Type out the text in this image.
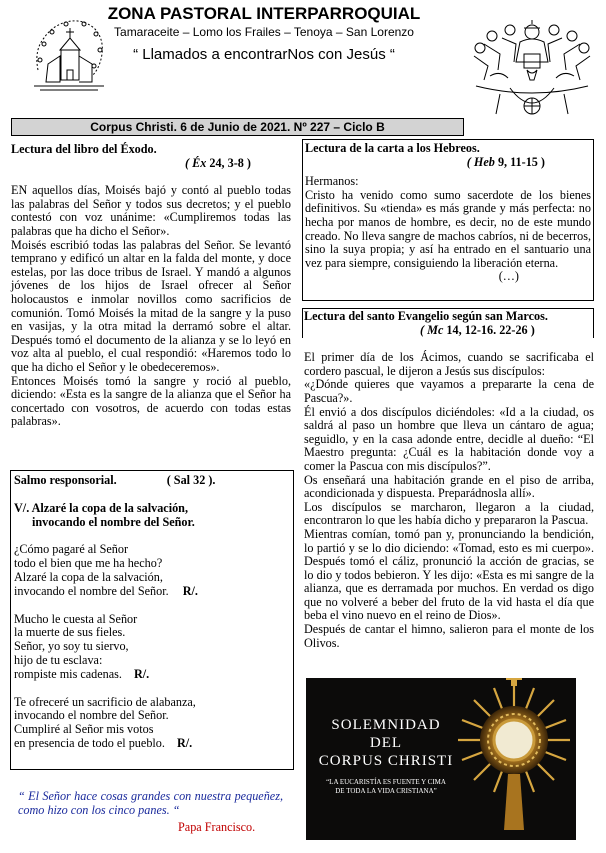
ZONA PASTORAL INTERPARROQUIAL
Tamaraceite – Lomo los Frailes – Tenoya – San Lorenzo
“ Llamados a encontrarNos con Jesús “
Corpus Christi. 6 de Junio de 2021. Nº 227 – Ciclo B
Lectura del libro del Éxodo.
( Éx 24, 3-8 )

EN aquellos días, Moisés bajó y contó al pueblo todas las palabras del Señor y todos sus decretos; y el pueblo contestó con voz unánime: «Cumpliremos todas las palabras que ha dicho el Señor».

Moisés escribió todas las palabras del Señor. Se levantó temprano y edificó un altar en la falda del monte, y doce estelas, por las doce tribus de Israel. Y mandó a algunos jóvenes de los hijos de Israel ofrecer al Señor holocaustos e inmolar novillos como sacrificios de comunión. Tomó Moisés la mitad de la sangre y la puso en vasijas, y la otra mitad la derramó sobre el altar. Después tomó el documento de la alianza y se lo leyó en voz alta al pueblo, el cual respondió: «Haremos todo lo que ha dicho el Señor y le obedeceremos».

Entonces Moisés tomó la sangre y roció al pueblo, diciendo: «Esta es la sangre de la alianza que el Señor ha concertado con vosotros, de acuerdo con todas estas palabras».

Salmo responsorial.	( Sal 32 ).
V/. Alzaré la copa de la salvación,
invocando el nombre del Señor.
¿Cómo pagaré al Señor
todo el bien que me ha hecho?
Alzaré la copa de la salvación,
invocando el nombre del Señor. R/.
Mucho le cuesta al Señor
la muerte de sus fieles.
Señor, yo soy tu siervo,
hijo de tu esclava:
rompiste mis cadenas. R/.
Te ofreceré un sacrificio de alabanza,
invocando el nombre del Señor.
Cumpliré al Señor mis votos
en presencia de todo el pueblo. R/.
Lectura de la carta a los Hebreos.
( Heb 9, 11-15 )
Hermanos:

Cristo ha venido como sumo sacerdote de los bienes definitivos. Su «tienda» es más grande y más perfecta: no hecha por manos de hombre, es decir, no de este mundo creado. No lleva sangre de machos cabríos, ni de becerros, sino la suya propia; y así ha entrado en el santuario una vez para siempre, consiguiendo la liberación eterna.

(…)
Lectura del santo Evangelio según san Marcos.
( Mc 14, 12-16. 22-26 )

El primer día de los Ácimos, cuando se sacrificaba el cordero pascual, le dijeron a Jesús sus discípulos:

«¿Dónde quieres que vayamos a prepararte la cena de Pascua?».

Él envió a dos discípulos diciéndoles: «Id a la ciudad, os saldrá al paso un hombre que lleva un cántaro de agua; seguidlo, y en la casa adonde entre, decidle al dueño: “El Maestro pregunta: ¿Cuál es la habitación donde voy a comer la Pascua con mis discípulos?”.

Os enseñará una habitación grande en el piso de arriba, acondicionada y dispuesta. Preparádnosla allí».

Los discípulos se marcharon, llegaron a la ciudad, encontraron lo que les había dicho y prepararon la Pascua.

Mientras comían, tomó pan y, pronunciando la bendición, lo partió y se lo dio diciendo: «Tomad, esto es mi cuerpo». Después tomó el cáliz, pronunció la acción de gracias, se lo dio y todos bebieron. Y les dijo: «Esta es mi sangre de la alianza, que es derramada por muchos. En verdad os digo que no volveré a beber del fruto de la vid hasta el día que beba el vino nuevo en el reino de Dios».

Después de cantar el himno, salieron para el monte de los Olivos.

SOLEMNIDAD
DEL
CORPUS CHRISTI
“LA EUCARISTÍA ES FUENTE Y CIMA
DE TODA LA VIDA CRISTIANA”
“ El Señor hace cosas grandes con nuestra pequeñez, como hizo con los cinco panes. “
Papa Francisco.
